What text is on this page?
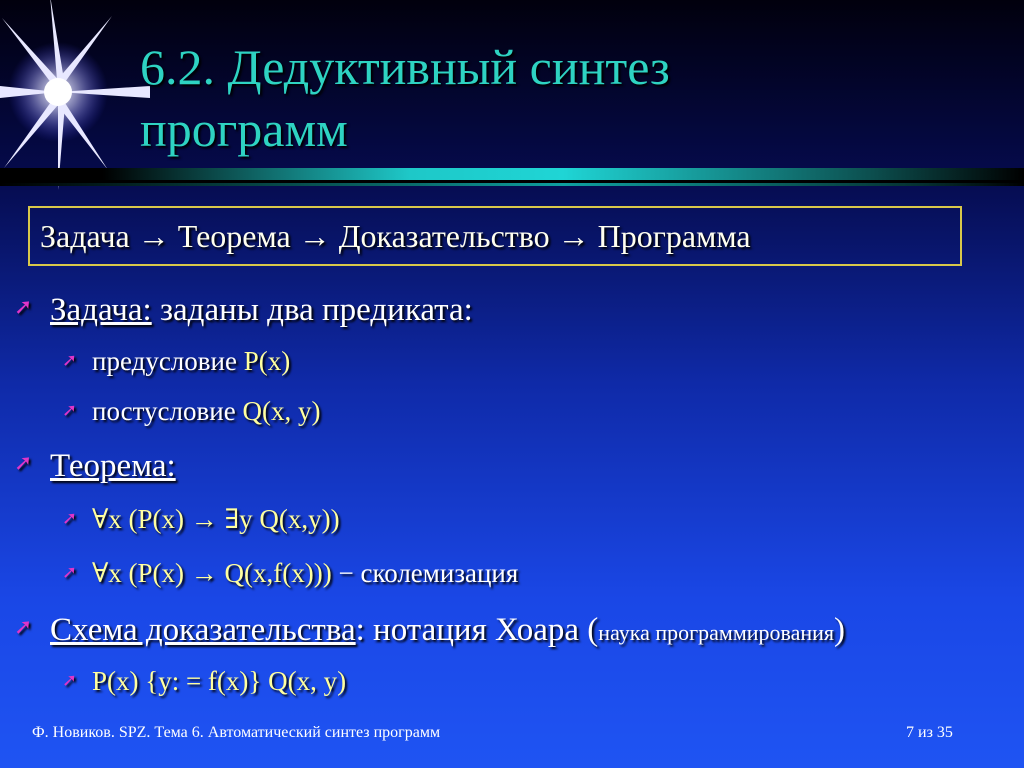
6.2. Дедуктивный синтез
программ
Задача → Теорема → Доказательство → Программа
➚ Задача: заданы два предиката:
➚ предусловие P(x)
➚ постусловие Q(x, y)
➚ Теорема:
➚ ∀x (P(x) → ∃y Q(x,y))
➚ ∀x (P(x) → Q(x,f(x))) − сколемизация
➚ Схема доказательства: нотация Хоара (наука программирования)
➚ P(x) {y: = f(x)} Q(x, y)
Ф. Новиков. SPZ. Тема 6. Автоматический синтез программ	7 из 35
